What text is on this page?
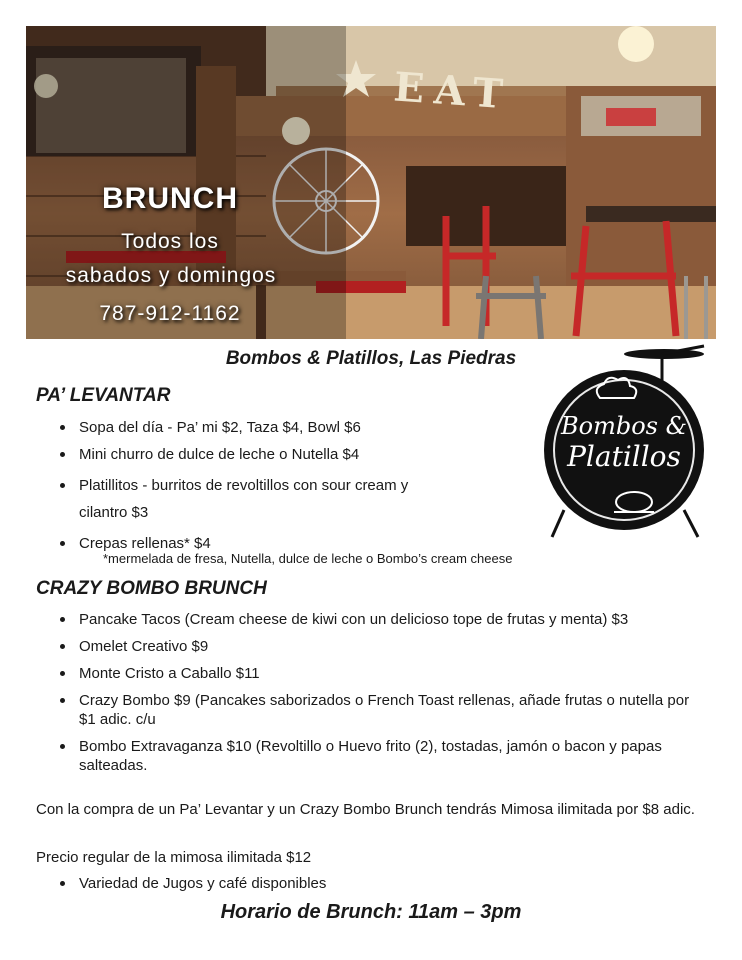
EAT
BRUNCH
Todos los
sabados y domingos
787-912-1162
Bombos & Platillos, Las Piedras
Bombos &
Platillos
PA’ LEVANTAR
Sopa del día - Pa’ mi $2, Taza $4, Bowl $6
Mini churro de dulce de leche o Nutella $4
Platillitos - burritos de revoltillos con sour cream y
cilantro $3
Crepas rellenas* $4
*mermelada de fresa, Nutella, dulce de leche o Bombo’s cream cheese
CRAZY BOMBO BRUNCH
Pancake Tacos (Cream cheese de kiwi con un delicioso tope de frutas y menta) $3
Omelet Creativo $9
Monte Cristo a Caballo $11
Crazy Bombo $9 (Pancakes saborizados o French Toast rellenas, añade frutas o nutella por $1 adic. c/u
Bombo Extravaganza $10 (Revoltillo o Huevo frito (2), tostadas, jamón o bacon y papas salteadas.
Con la compra de un Pa’ Levantar y un Crazy Bombo Brunch tendrás Mimosa ilimitada por $8 adic.
Precio regular de la mimosa ilimitada $12
Variedad de Jugos y café disponibles
Horario de Brunch: 11am – 3pm
